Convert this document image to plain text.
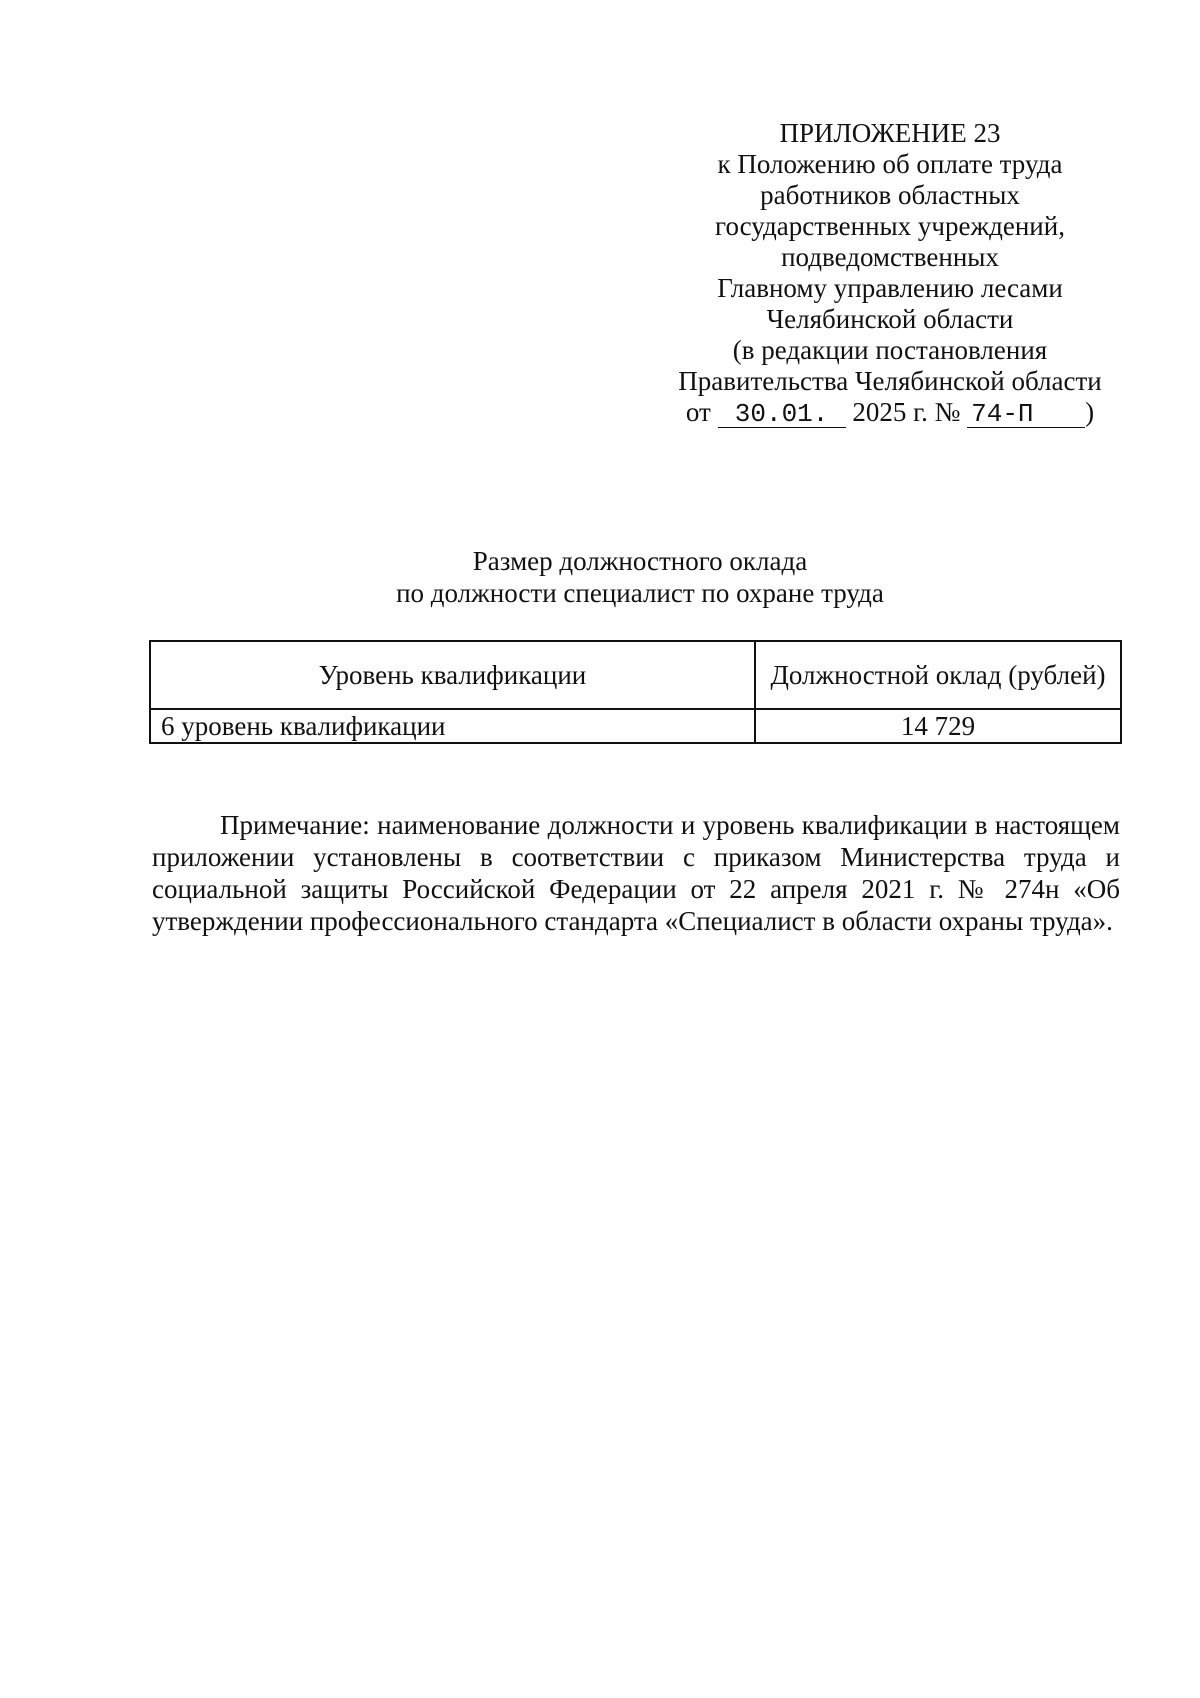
ПРИЛОЖЕНИЕ 23
к Положению об оплате труда
работников областных
государственных учреждений,
подведомственных
Главному управлению лесами
Челябинской области
(в редакции постановления
Правительства Челябинской области
от 30.01. 2025 г. № 74-П )
Размер должностного оклада
по должности специалист по охране труда
Уровень квалификации	Должностной оклад (рублей)
6 уровень квалификации	14 729

Примечание: наименование должности и уровень квалификации в настоящем приложении установлены в соответствии с приказом Министерства труда и социальной защиты Российской Федерации от 22 апреля 2021 г. № 274н «Об утверждении профессионального стандарта «Специалист в области охраны труда».
